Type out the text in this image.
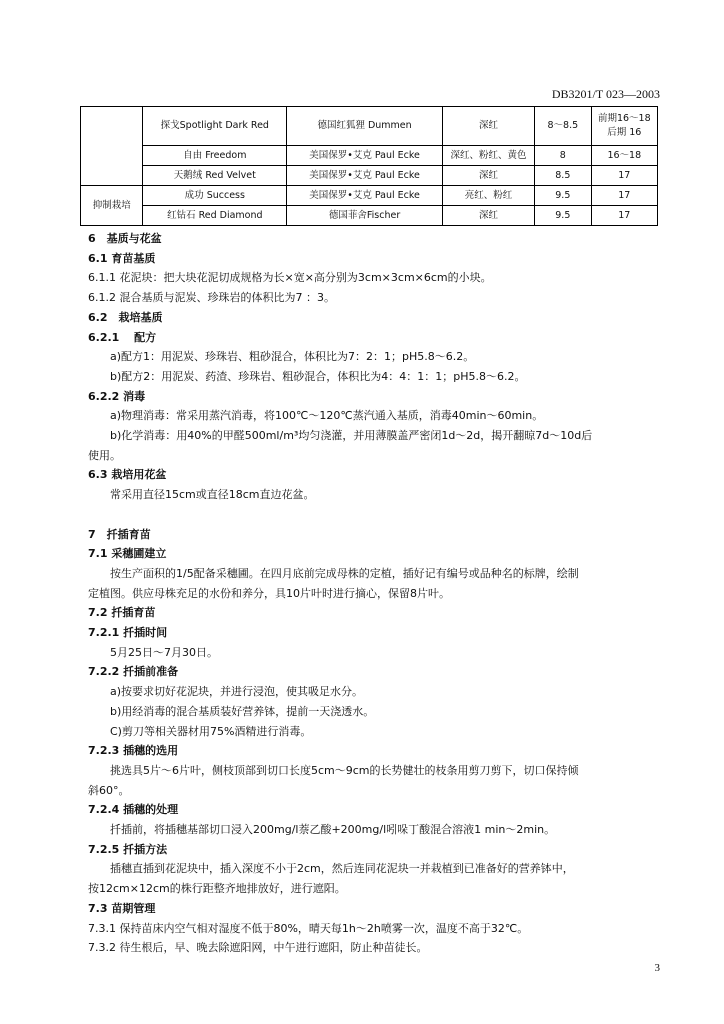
DB3201/T 023—2003
	探戈Spotlight Dark Red	德国红狐狸 Dummen	深红	8～8.5	前期16～18
后期 16

	自由 Freedom	美国保罗•艾克 Paul Ecke	深红、粉红、黄色	8	16～18
	天鹅绒 Red Velvet	美国保罗•艾克 Paul Ecke	深红	8.5	17
抑制栽培	成功 Success	美国保罗•艾克 Paul Ecke	亮红、粉红	9.5	17
	红钻石 Red Diamond	德国菲舍Fischer	深红	9.5	17

6　基质与花盆

6.1 育苗基质

6.1.1 花泥块：把大块花泥切成规格为长×宽×高分别为3cm×3cm×6cm的小块。

6.1.2 混合基质与泥炭、珍珠岩的体积比为7 ：3。

6.2　栽培基质

6.2.1　 配方

a)配方1：用泥炭、珍珠岩、粗砂混合，体积比为7：2：1；pH5.8～6.2。

b)配方2：用泥炭、药渣、珍珠岩、粗砂混合，体积比为4：4：1：1；pH5.8～6.2。

6.2.2 消毒

a)物理消毒：常采用蒸汽消毒，将100℃～120℃蒸汽通入基质，消毒40min～60min。

b)化学消毒：用40%的甲醛500ml/m³均匀浇灌，并用薄膜盖严密闭1d～2d，揭开翻晾7d～10d后

使用。

6.3 栽培用花盆

常采用直径15cm或直径18cm直边花盆。

7　扦插育苗

7.1 采穗圃建立

按生产面积的1/5配备采穗圃。在四月底前完成母株的定植，插好记有编号或品种名的标牌，绘制

定植图。供应母株充足的水份和养分，具10片叶时进行摘心，保留8片叶。

7.2 扦插育苗

7.2.1 扦插时间

5月25日～7月30日。

7.2.2 扦插前准备

a)按要求切好花泥块，并进行浸泡，使其吸足水分。

b)用经消毒的混合基质装好营养钵，提前一天浇透水。

C)剪刀等相关器材用75%酒精进行消毒。

7.2.3 插穗的选用

挑选具5片～6片叶，侧枝顶部到切口长度5cm～9cm的长势健壮的枝条用剪刀剪下，切口保持倾

斜60°。

7.2.4 插穗的处理

扦插前，将插穗基部切口浸入200mg/l萘乙酸+200mg/l吲哚丁酸混合溶液1 min～2min。

7.2.5 扦插方法

插穗直插到花泥块中，插入深度不小于2cm，然后连同花泥块一并栽植到已准备好的营养钵中，

按12cm×12cm的株行距整齐地排放好，进行遮阳。

7.3 苗期管理

7.3.1 保持苗床内空气相对湿度不低于80%，晴天每1h～2h喷雾一次，温度不高于32℃。

7.3.2 待生根后，早、晚去除遮阳网，中午进行遮阳，防止种苗徒长。

3
